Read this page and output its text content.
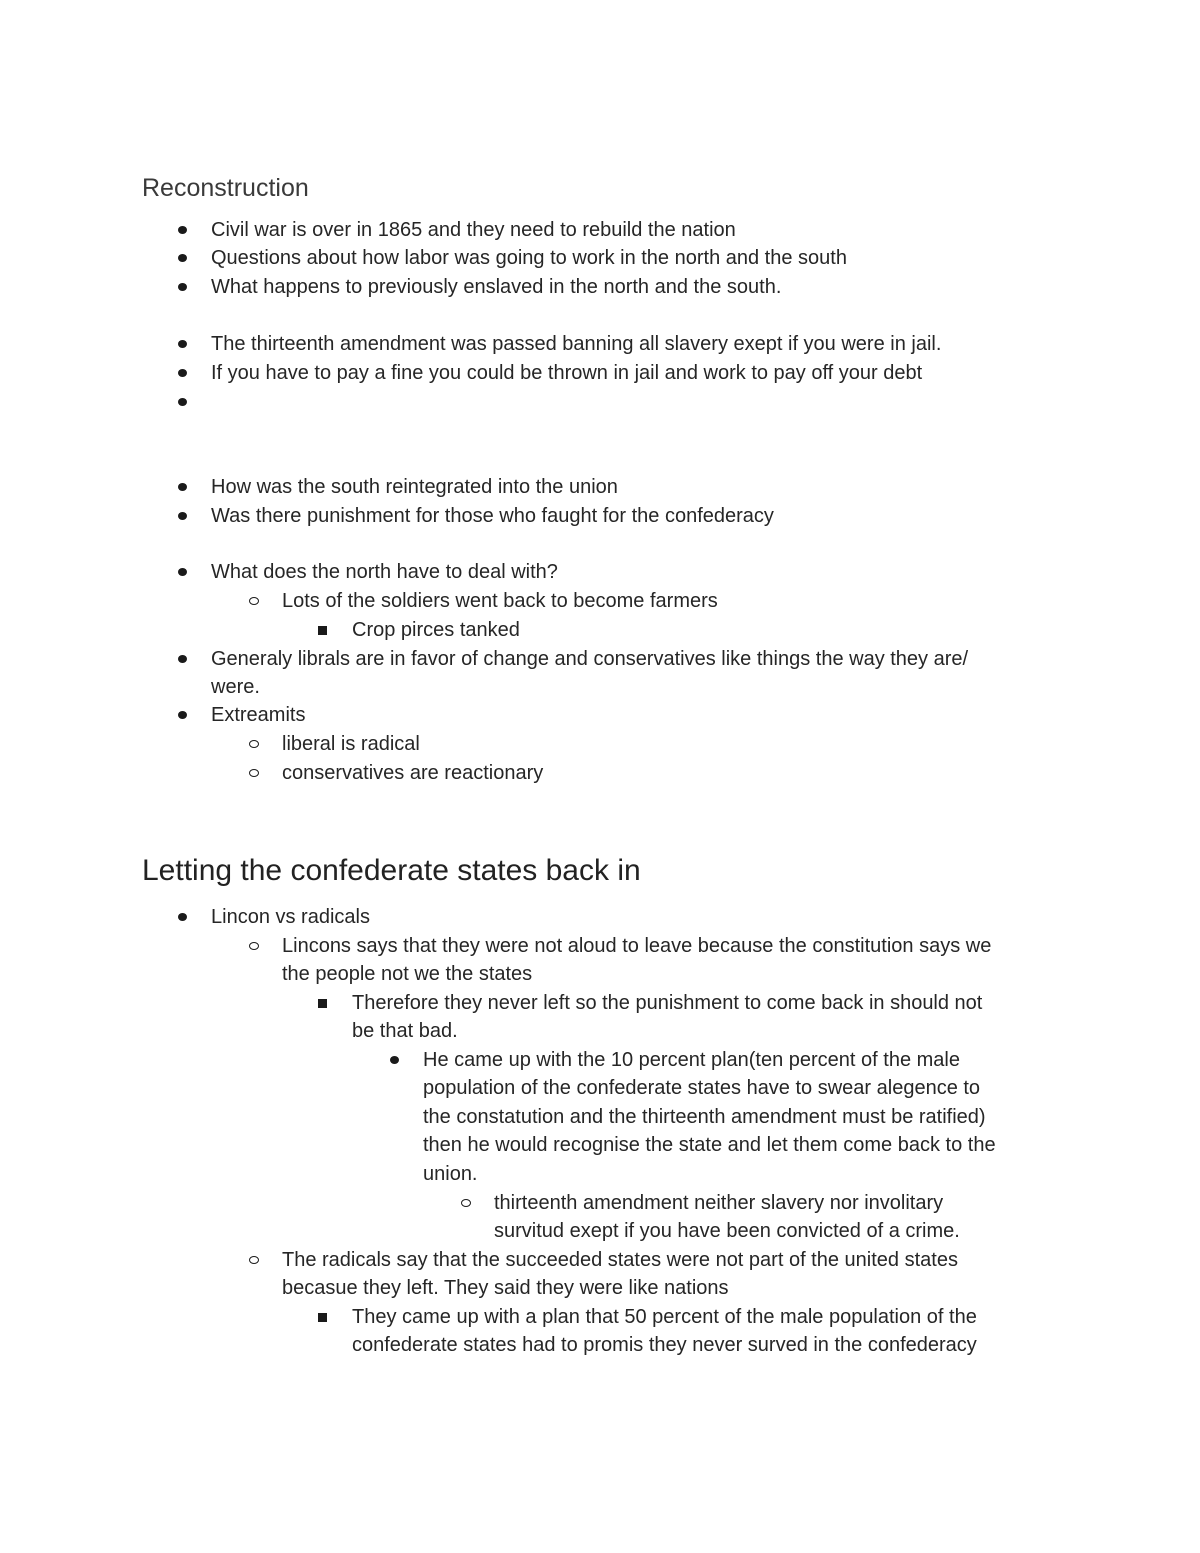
Reconstruction
Civil war is over in 1865 and they need to rebuild the nation
Questions about how labor was going to work in the north and the south
What happens to previously enslaved in the north and the south.
The thirteenth amendment was passed banning all slavery exept if you were in jail.
If you have to pay a fine you could be thrown in jail and work to pay off your debt
How was the south reintegrated into the union
Was there punishment for those who faught for the confederacy
What does the north have to deal with?
Lots of the soldiers went back to become farmers
Crop pirces tanked
Generaly librals are in favor of change and conservatives like things the way they are/
were.
Extreamits
liberal is radical
conservatives are reactionary
Letting the confederate states back in
Lincon vs radicals
Lincons says that they were not aloud to leave because the constitution says we
the people not we the states
Therefore they never left so the punishment to come back in should not
be that bad.
He came up with the 10 percent plan(ten percent of the male
population of the confederate states have to swear alegence to
the constatution and the thirteenth amendment must be ratified)
then he would recognise the state and let them come back to the
union.
thirteenth amendment neither slavery nor involitary
survitud exept if you have been convicted of a crime.
The radicals say that the succeeded states were not part of the united states
becasue they left. They said they were like nations
They came up with a plan that 50 percent of the male population of the
confederate states had to promis they never surved in the confederacy
